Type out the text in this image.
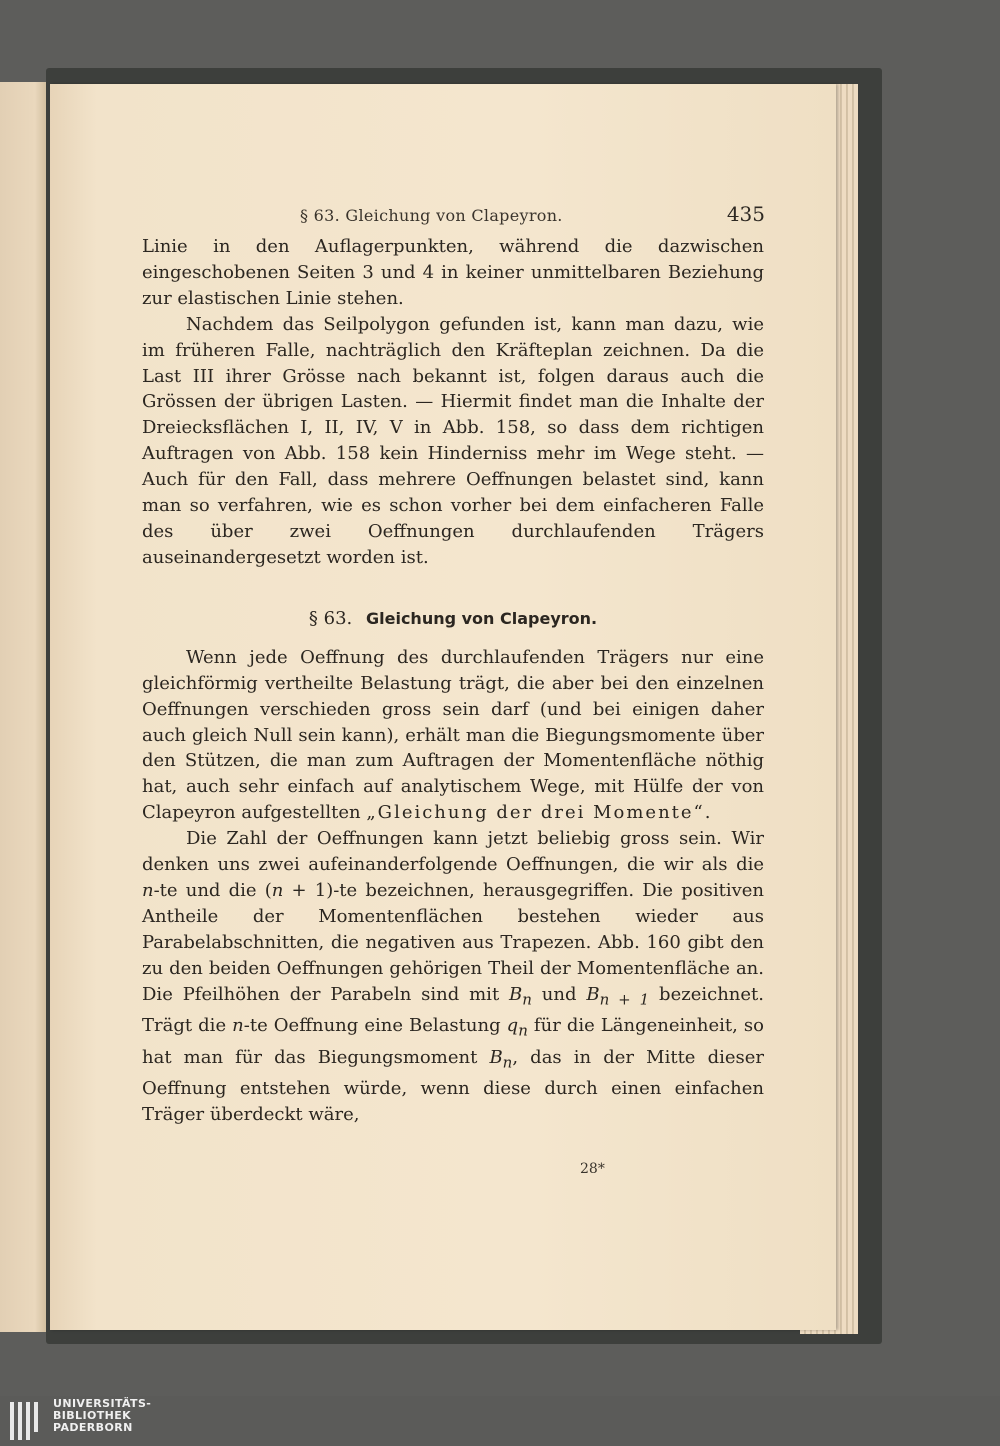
§ 63. Gleichung von Clapeyron.	435

Linie in den Auflagerpunkten, während die dazwischen eingeschobenen Seiten 3 und 4 in keiner unmittelbaren Beziehung zur elastischen Linie stehen.

Nachdem das Seilpolygon gefunden ist, kann man dazu, wie im früheren Falle, nachträglich den Kräfteplan zeichnen. Da die Last III ihrer Grösse nach bekannt ist, folgen daraus auch die Grössen der übrigen Lasten. — Hiermit findet man die Inhalte der Dreiecksflächen I, II, IV, V in Abb. 158, so dass dem richtigen Auftragen von Abb. 158 kein Hinderniss mehr im Wege steht. — Auch für den Fall, dass mehrere Oeffnungen belastet sind, kann man so verfahren, wie es schon vorher bei dem einfacheren Falle des über zwei Oeffnungen durchlaufenden Trägers auseinandergesetzt worden ist.

§ 63. Gleichung von Clapeyron.

Wenn jede Oeffnung des durchlaufenden Trägers nur eine gleichförmig vertheilte Belastung trägt, die aber bei den einzelnen Oeffnungen verschieden gross sein darf (und bei einigen daher auch gleich Null sein kann), erhält man die Biegungsmomente über den Stützen, die man zum Auftragen der Momentenfläche nöthig hat, auch sehr einfach auf analytischem Wege, mit Hülfe der von Clapeyron aufgestellten „Gleichung der drei Momente“.

Die Zahl der Oeffnungen kann jetzt beliebig gross sein. Wir denken uns zwei aufeinanderfolgende Oeffnungen, die wir als die n-te und die (n + 1)-te bezeichnen, herausgegriffen. Die positiven Antheile der Momentenflächen bestehen wieder aus Parabelabschnitten, die negativen aus Trapezen. Abb. 160 gibt den zu den beiden Oeffnungen gehörigen Theil der Momentenfläche an. Die Pfeilhöhen der Parabeln sind mit $B_n$ und $B_{n + 1}$ bezeichnet. Trägt die n-te Oeffnung eine Belastung $q_n$ für die Längeneinheit, so hat man für das Biegungsmoment $B_n$, das in der Mitte dieser Oeffnung entstehen würde, wenn diese durch einen einfachen Träger überdeckt wäre,

28*
UNIVERSITÄTS-
BIBLIOTHEK
PADERBORN
